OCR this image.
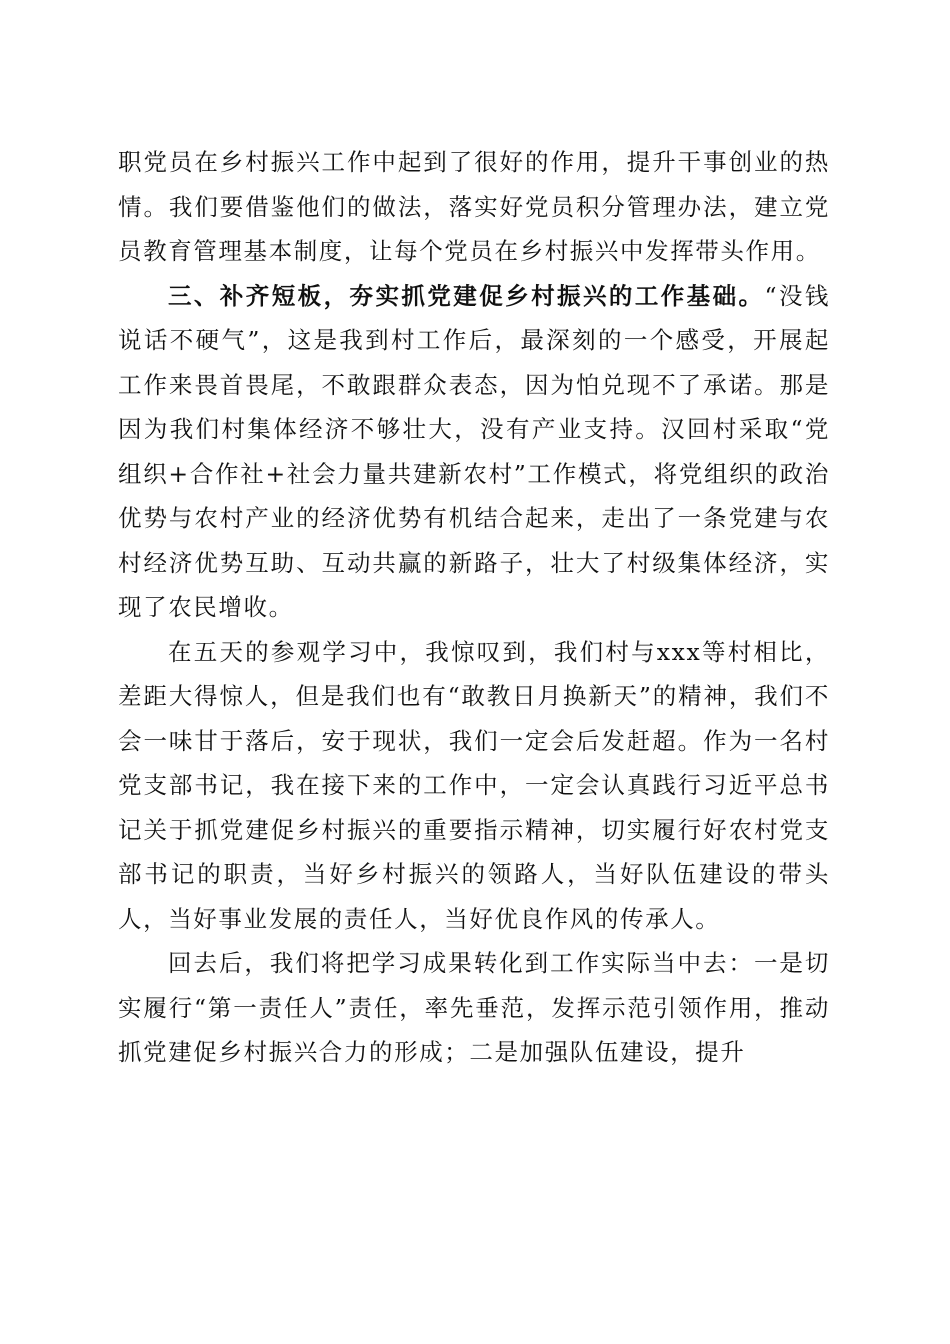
职党员在乡村振兴工作中起到了很好的作用，提升干事创业的热情。我们要借鉴他们的做法，落实好党员积分管理办法，建立党员教育管理基本制度，让每个党员在乡村振兴中发挥带头作用。

三、补齐短板，夯实抓党建促乡村振兴的工作基础。“没钱说话不硬气”，这是我到村工作后，最深刻的一个感受，开展起工作来畏首畏尾，不敢跟群众表态，因为怕兑现不了承诺。那是因为我们村集体经济不够壮大，没有产业支持。汉回村采取“党组织+合作社+社会力量共建新农村”工作模式，将党组织的政治优势与农村产业的经济优势有机结合起来，走出了一条党建与农村经济优势互助、互动共赢的新路子，壮大了村级集体经济，实现了农民增收。

在五天的参观学习中，我惊叹到，我们村与xxx等村相比，差距大得惊人，但是我们也有“敢教日月换新天”的精神，我们不会一味甘于落后，安于现状，我们一定会后发赶超。作为一名村党支部书记，我在接下来的工作中，一定会认真践行习近平总书记关于抓党建促乡村振兴的重要指示精神，切实履行好农村党支部书记的职责，当好乡村振兴的领路人，当好队伍建设的带头人，当好事业发展的责任人，当好优良作风的传承人。

回去后，我们将把学习成果转化到工作实际当中去：一是切实履行“第一责任人”责任，率先垂范，发挥示范引领作用，推动抓党建促乡村振兴合力的形成；二是加强队伍建设，提升
